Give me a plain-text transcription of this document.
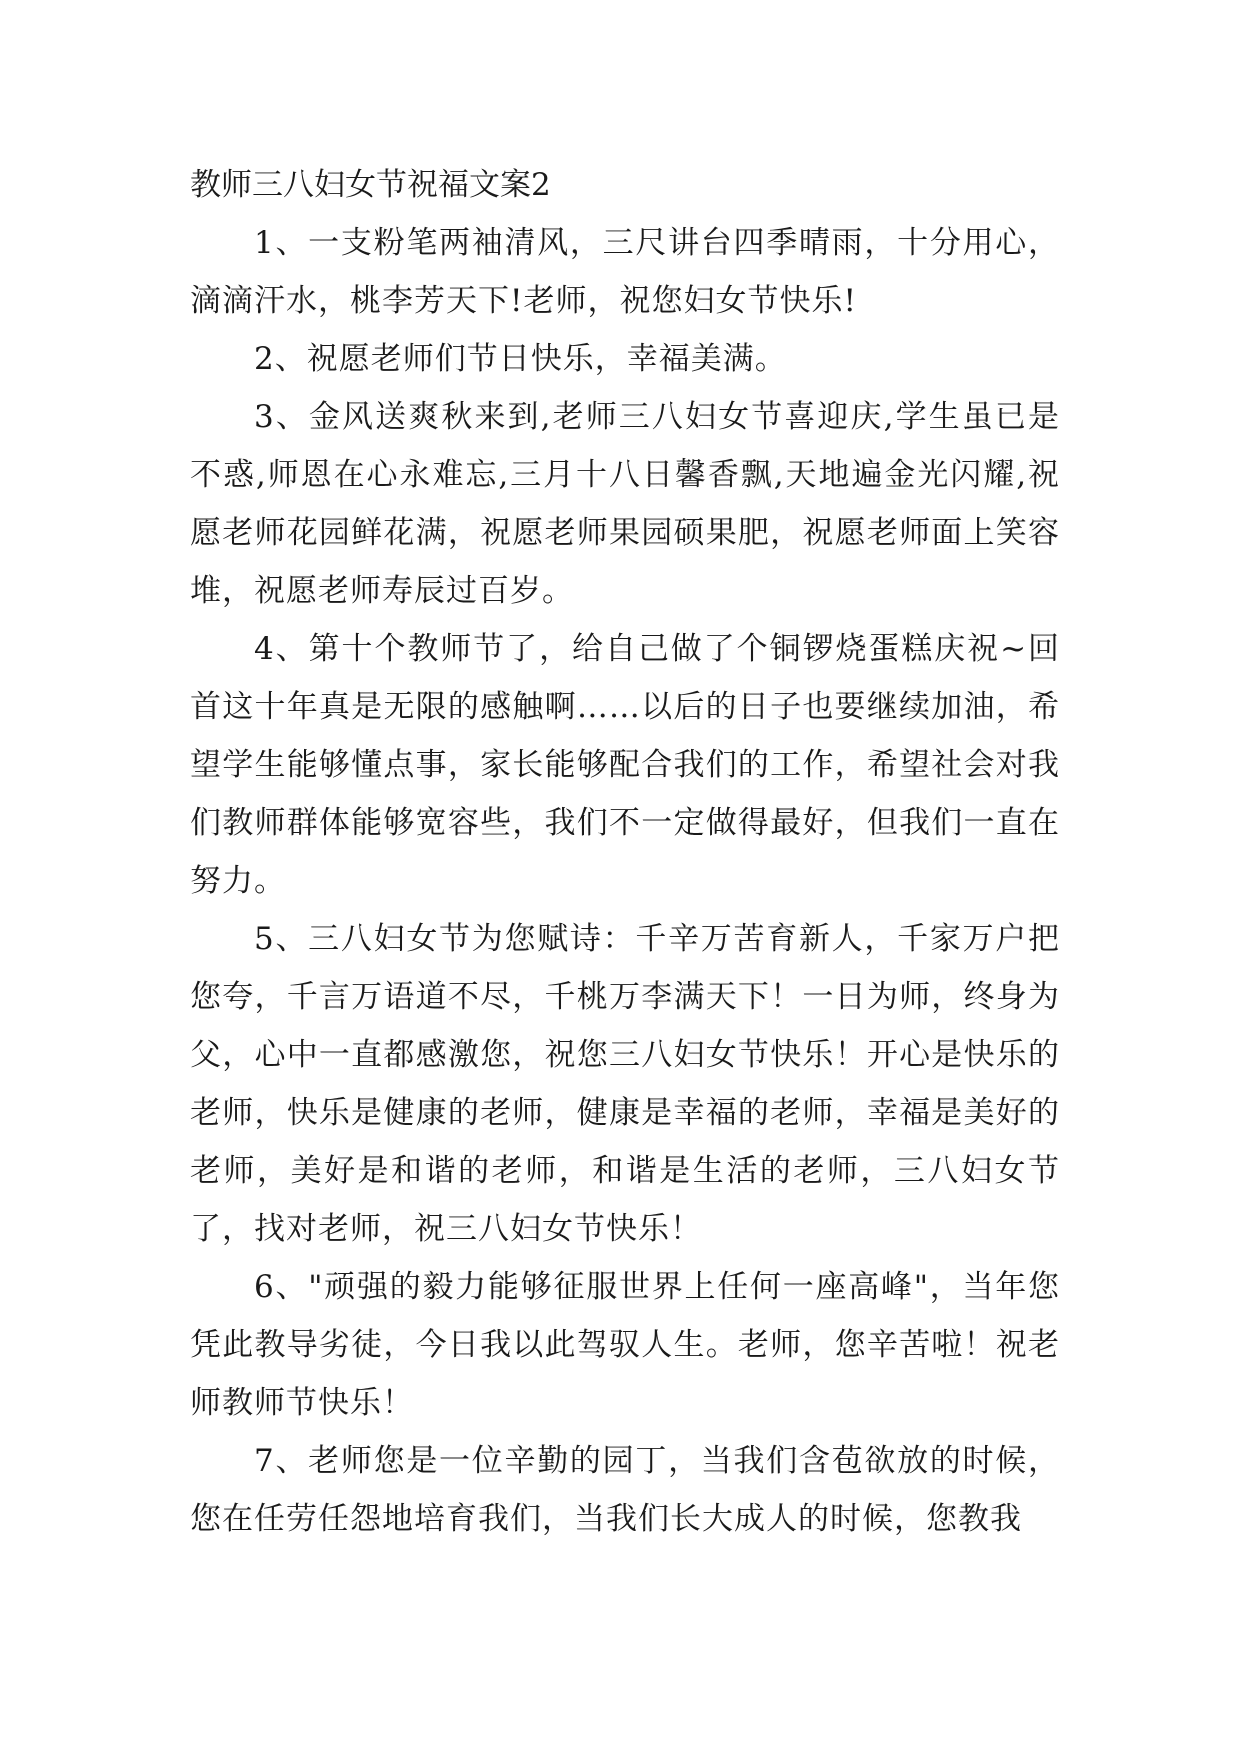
教师三八妇女节祝福文案2

1、一支粉笔两袖清风，三尺讲台四季晴雨，十分用心，滴滴汗水，桃李芳天下!老师，祝您妇女节快乐!

2、祝愿老师们节日快乐，幸福美满。

3、金风送爽秋来到,老师三八妇女节喜迎庆,学生虽已是不惑,师恩在心永难忘,三月十八日馨香飘,天地遍金光闪耀,祝愿老师花园鲜花满，祝愿老师果园硕果肥，祝愿老师面上笑容堆，祝愿老师寿辰过百岁。

4、第十个教师节了，给自己做了个铜锣烧蛋糕庆祝~回首这十年真是无限的感触啊……以后的日子也要继续加油，希望学生能够懂点事，家长能够配合我们的工作，希望社会对我们教师群体能够宽容些，我们不一定做得最好，但我们一直在努力。

5、三八妇女节为您赋诗：千辛万苦育新人，千家万户把您夸，千言万语道不尽，千桃万李满天下！一日为师，终身为父，心中一直都感激您，祝您三八妇女节快乐！开心是快乐的老师，快乐是健康的老师，健康是幸福的老师，幸福是美好的老师，美好是和谐的老师，和谐是生活的老师，三八妇女节了，找对老师，祝三八妇女节快乐！

6、"顽强的毅力能够征服世界上任何一座高峰"，当年您凭此教导劣徒，今日我以此驾驭人生。老师，您辛苦啦！祝老师教师节快乐！

7、老师您是一位辛勤的园丁，当我们含苞欲放的时候，您在任劳任怨地培育我们，当我们长大成人的时候，您教我
